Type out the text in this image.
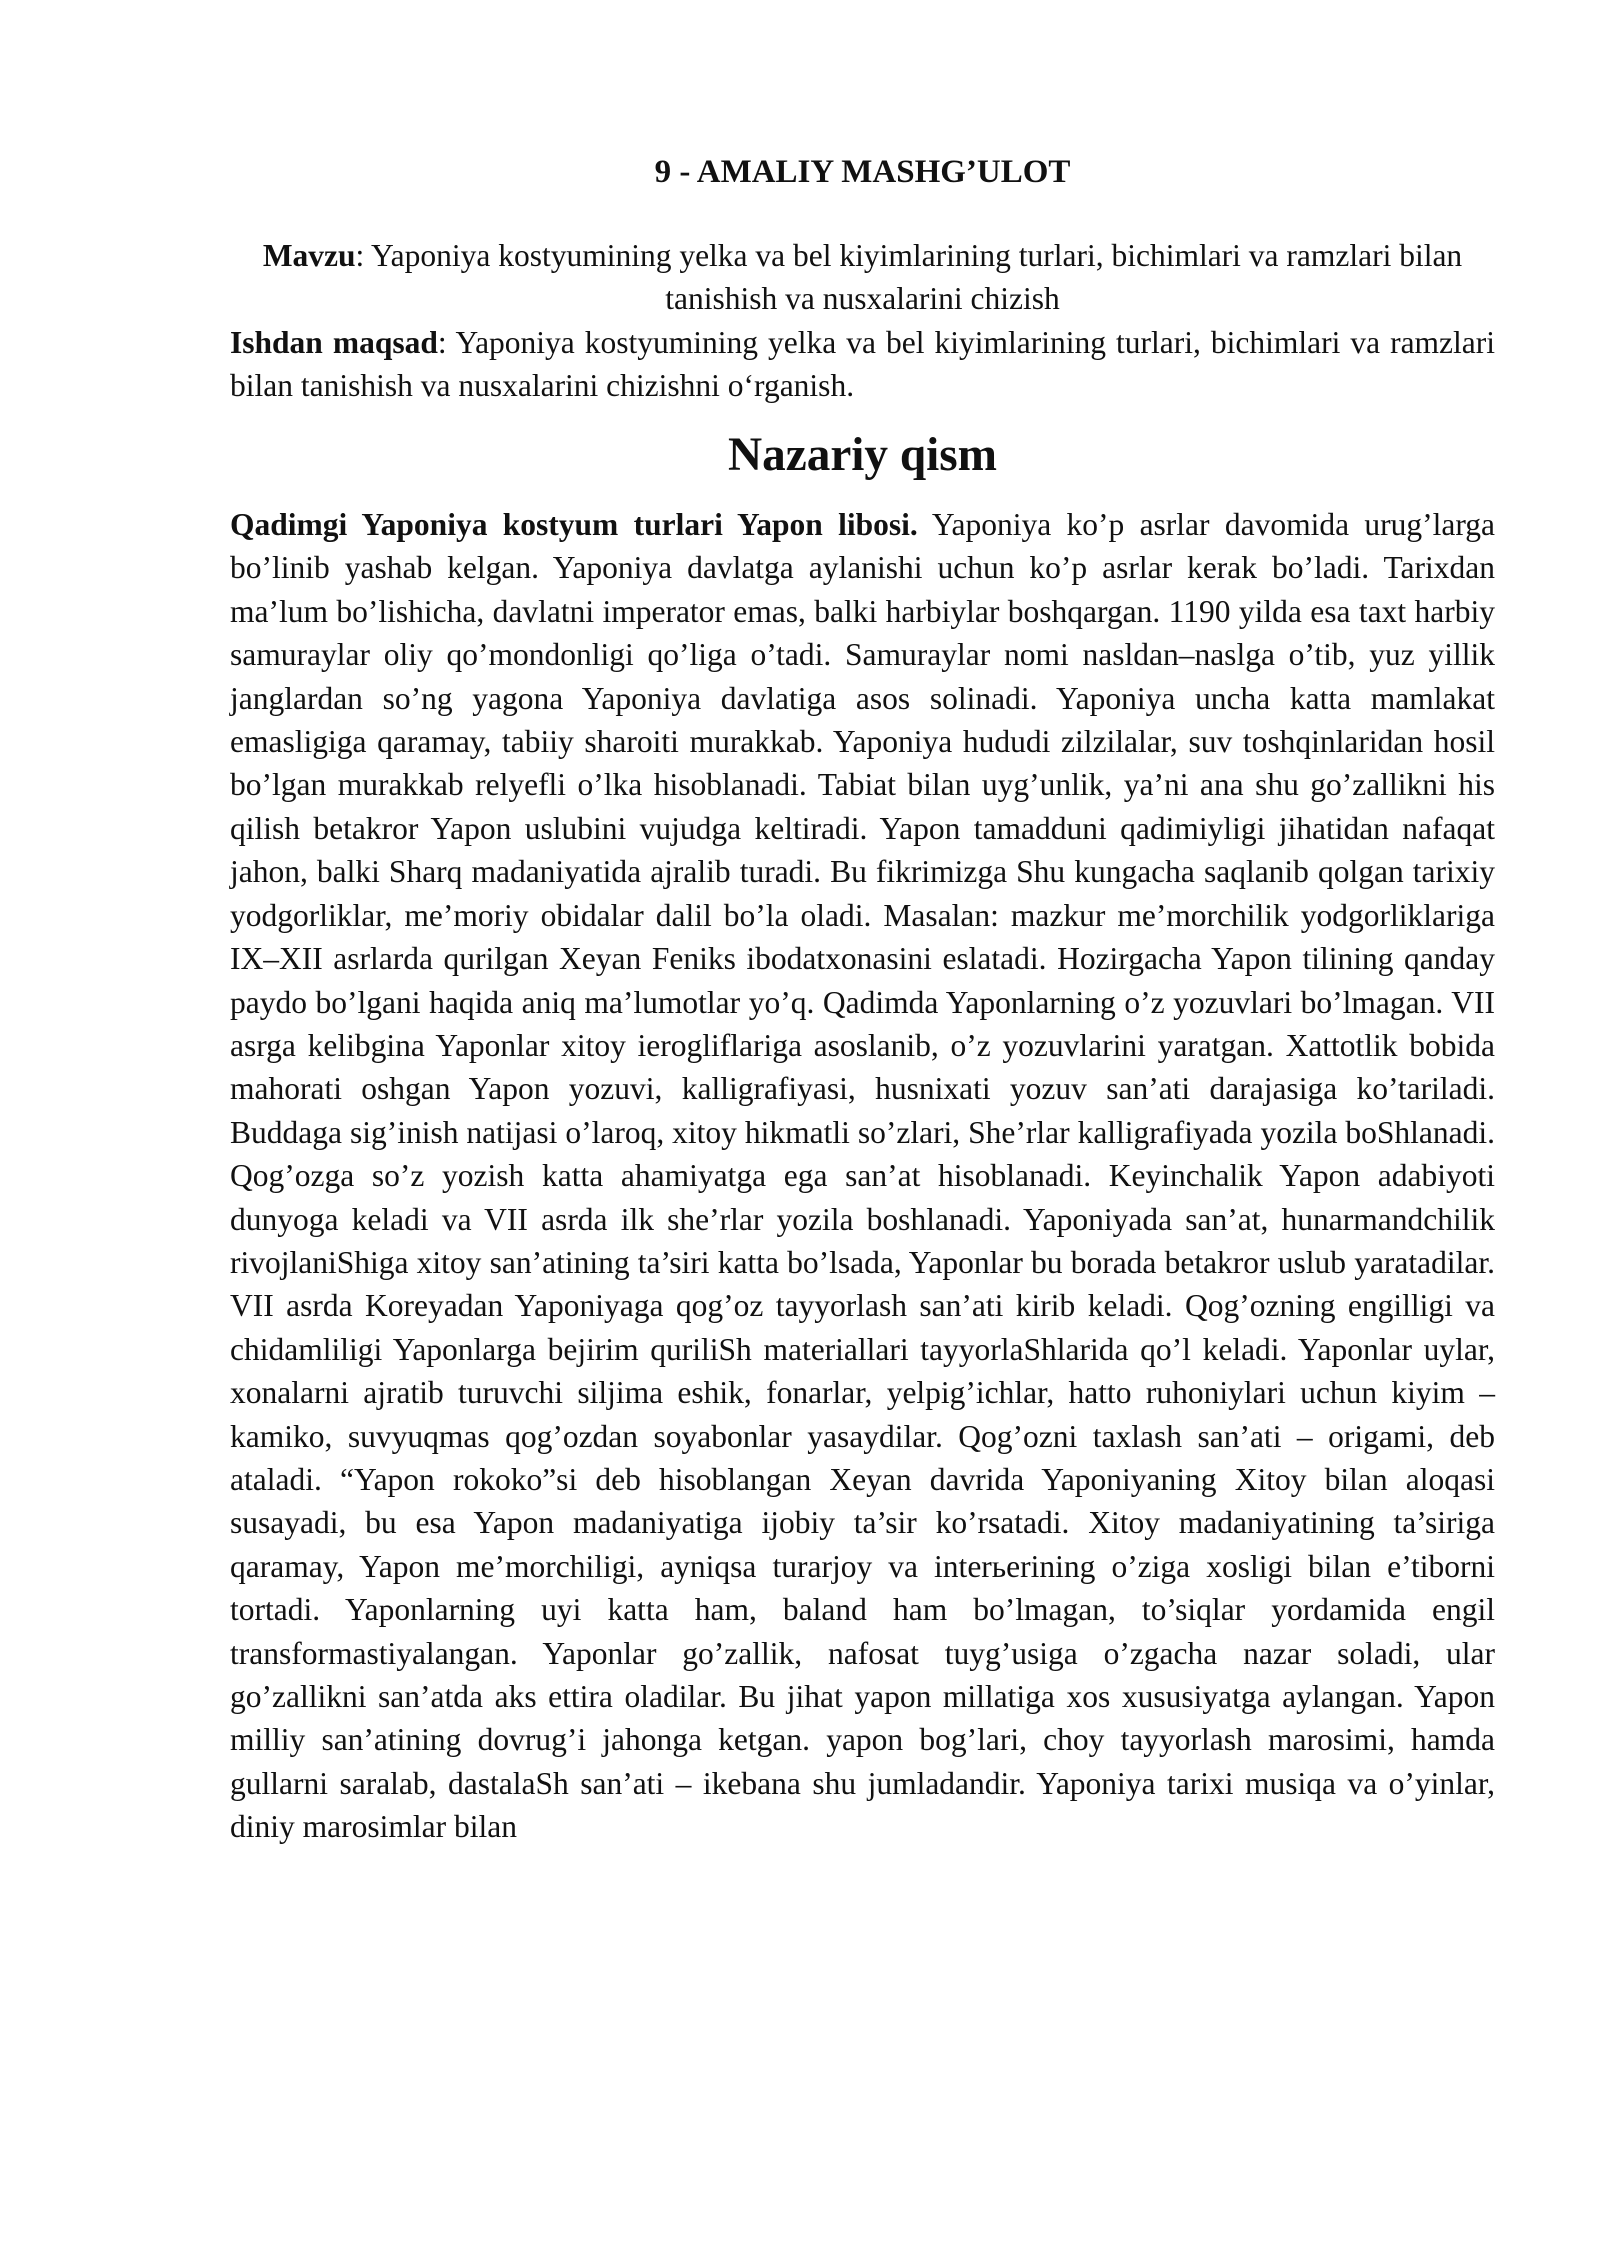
9 - AMALIY MASHG’ULOT

Mavzu: Yaponiya kostyumining yelka va bel kiyimlarining turlari, bichimlari va ramzlari bilan tanishish va nusxalarini chizish

Ishdan maqsad: Yaponiya kostyumining yelka va bel kiyimlarining turlari, bichimlari va ramzlari bilan tanishish va nusxalarini chizishni o‘rganish.

Nazariy qism

Qadimgi Yaponiya kostyum turlari Yapon libosi. Yaponiya ko’p asrlar davomida urug’larga bo’linib yashab kelgan. Yaponiya davlatga aylanishi uchun ko’p asrlar kerak bo’ladi. Tarixdan ma’lum bo’lishicha, davlatni imperator emas, balki harbiylar boshqargan. 1190 yilda esa taxt harbiy samuraylar oliy qo’mondonligi qo’liga o’tadi. Samuraylar nomi nasldan–naslga o’tib, yuz yillik janglardan so’ng yagona Yaponiya davlatiga asos solinadi. Yaponiya uncha katta mamlakat emasligiga qaramay, tabiiy sharoiti murakkab. Yaponiya hududi zilzilalar, suv toshqinlaridan hosil bo’lgan murakkab relyefli o’lka hisoblanadi. Tabiat bilan uyg’unlik, ya’ni ana shu go’zallikni his qilish betakror Yapon uslubini vujudga keltiradi. Yapon tamadduni qadimiyligi jihatidan nafaqat jahon, balki Sharq madaniyatida ajralib turadi. Bu fikrimizga Shu kungacha saqlanib qolgan tarixiy yodgorliklar, me’moriy obidalar dalil bo’la oladi. Masalan: mazkur me’morchilik yodgorliklariga IX–XII asrlarda qurilgan Xeyan Feniks ibodatxonasini eslatadi. Hozirgacha Yapon tilining qanday paydo bo’lgani haqida aniq ma’lumotlar yo’q. Qadimda Yaponlarning o’z yozuvlari bo’lmagan. VII asrga kelibgina Yaponlar xitoy ierogliflariga asoslanib, o’z yozuvlarini yaratgan. Xattotlik bobida mahorati oshgan Yapon yozuvi, kalligrafiyasi, husnixati yozuv san’ati darajasiga ko’tariladi. Buddaga sig’inish natijasi o’laroq, xitoy hikmatli so’zlari, She’rlar kalligrafiyada yozila boShlanadi. Qog’ozga so’z yozish katta ahamiyatga ega san’at hisoblanadi. Keyinchalik Yapon adabiyoti dunyoga keladi va VII asrda ilk she’rlar yozila boshlanadi. Yaponiyada san’at, hunarmandchilik rivojlaniShiga xitoy san’atining ta’siri katta bo’lsada, Yaponlar bu borada betakror uslub yaratadilar. VII asrda Koreyadan Yaponiyaga qog’oz tayyorlash san’ati kirib keladi. Qog’ozning engilligi va chidamliligi Yaponlarga bejirim quriliSh materiallari tayyorlaShlarida qo’l keladi. Yaponlar uylar, xonalarni ajratib turuvchi siljima eshik, fonarlar, yelpig’ichlar, hatto ruhoniylari uchun kiyim – kamiko, suvyuqmas qog’ozdan soyabonlar yasaydilar. Qog’ozni taxlash san’ati – origami, deb ataladi. “Yapon rokoko”si deb hisoblangan Xeyan davrida Yaponiyaning Xitoy bilan aloqasi susayadi, bu esa Yapon madaniyatiga ijobiy ta’sir ko’rsatadi. Xitoy madaniyatining ta’siriga qaramay, Yapon me’morchiligi, ayniqsa turarjoy va interьerining o’ziga xosligi bilan e’tiborni tortadi. Yaponlarning uyi katta ham, baland ham bo’lmagan, to’siqlar yordamida engil transformastiyalangan. Yaponlar go’zallik, nafosat tuyg’usiga o’zgacha nazar soladi, ular go’zallikni san’atda aks ettira oladilar. Bu jihat yapon millatiga xos xususiyatga aylangan. Yapon milliy san’atining dovrug’i jahonga ketgan. yapon bog’lari, choy tayyorlash marosimi, hamda gullarni saralab, dastalaSh san’ati – ikebana shu jumladandir. Yaponiya tarixi musiqa va o’yinlar, diniy marosimlar bilan
